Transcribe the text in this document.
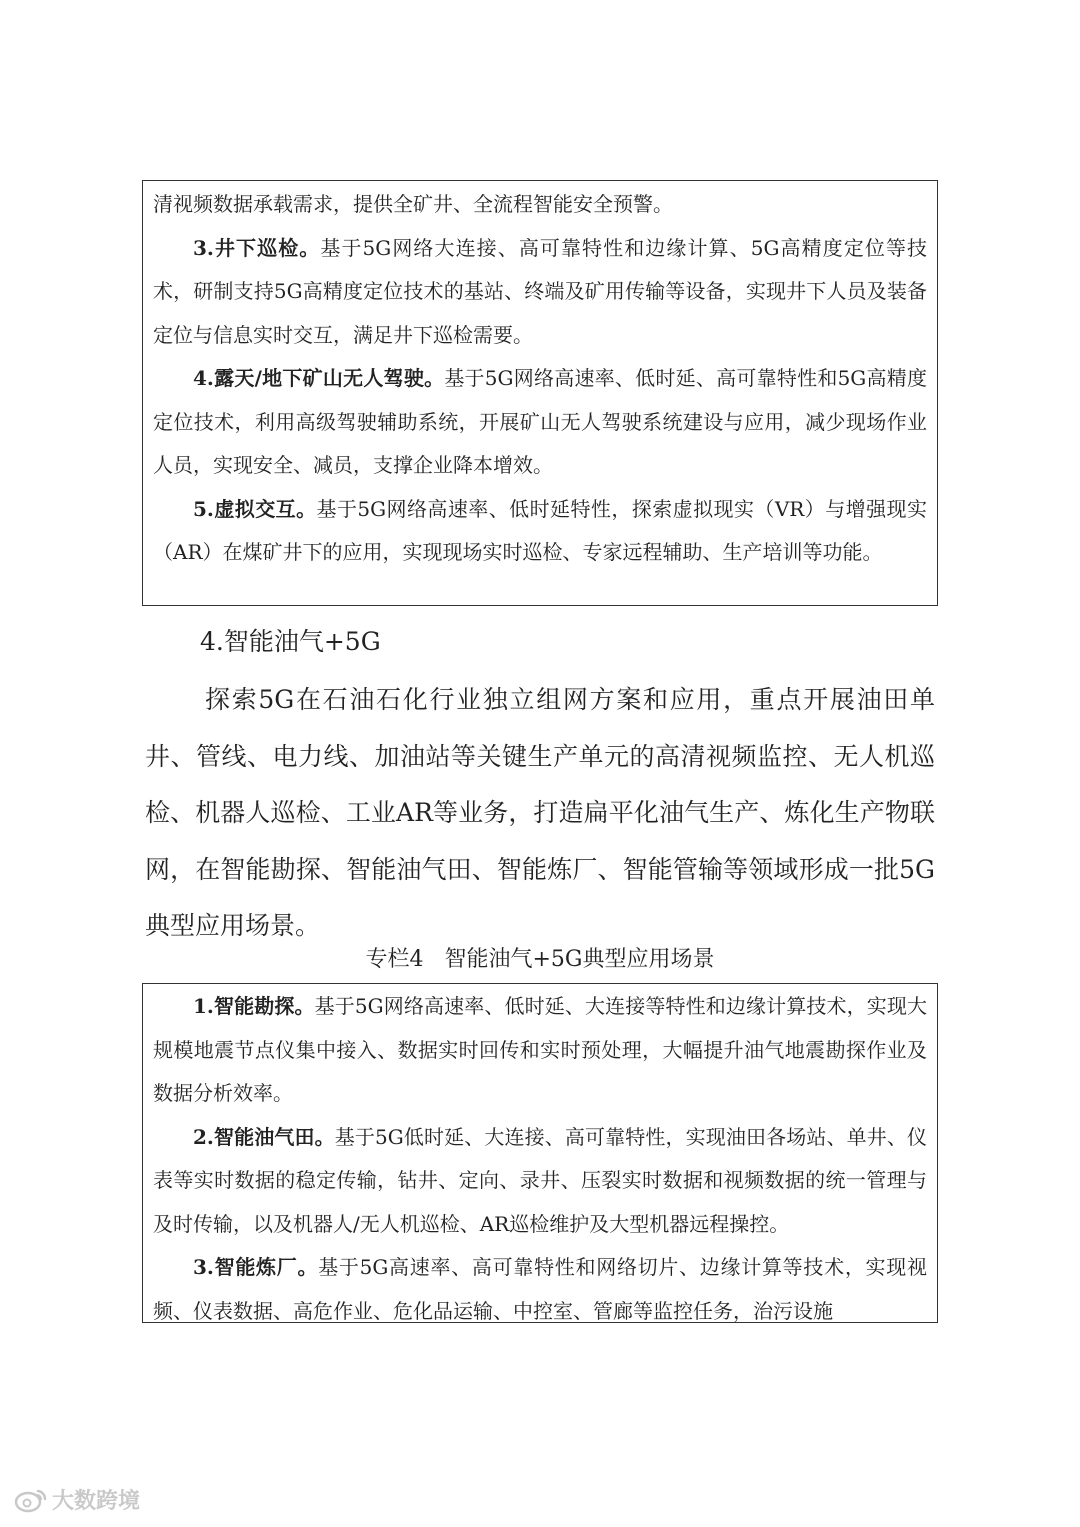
清视频数据承载需求，提供全矿井、全流程智能安全预警。

3.井下巡检。基于5G网络大连接、高可靠特性和边缘计算、5G高精度定位等技术，研制支持5G高精度定位技术的基站、终端及矿用传输等设备，实现井下人员及装备定位与信息实时交互，满足井下巡检需要。

4.露天/地下矿山无人驾驶。基于5G网络高速率、低时延、高可靠特性和5G高精度定位技术，利用高级驾驶辅助系统，开展矿山无人驾驶系统建设与应用，减少现场作业人员，实现安全、减员，支撑企业降本增效。

5.虚拟交互。基于5G网络高速率、低时延特性，探索虚拟现实（VR）与增强现实（AR）在煤矿井下的应用，实现现场实时巡检、专家远程辅助、生产培训等功能。

4.智能油气+5G

探索5G在石油石化行业独立组网方案和应用，重点开展油田单井、管线、电力线、加油站等关键生产单元的高清视频监控、无人机巡检、机器人巡检、工业AR等业务，打造扁平化油气生产、炼化生产物联网，在智能勘探、智能油气田、智能炼厂、智能管输等领域形成一批5G典型应用场景。

专栏4   智能油气+5G典型应用场景

1.智能勘探。基于5G网络高速率、低时延、大连接等特性和边缘计算技术，实现大规模地震节点仪集中接入、数据实时回传和实时预处理，大幅提升油气地震勘探作业及数据分析效率。

2.智能油气田。基于5G低时延、大连接、高可靠特性，实现油田各场站、单井、仪表等实时数据的稳定传输，钻井、定向、录井、压裂实时数据和视频数据的统一管理与及时传输，以及机器人/无人机巡检、AR巡检维护及大型机器远程操控。

3.智能炼厂。基于5G高速率、高可靠特性和网络切片、边缘计算等技术，实现视频、仪表数据、高危作业、危化品运输、中控室、管廊等监控任务，治污设施

大数跨境
